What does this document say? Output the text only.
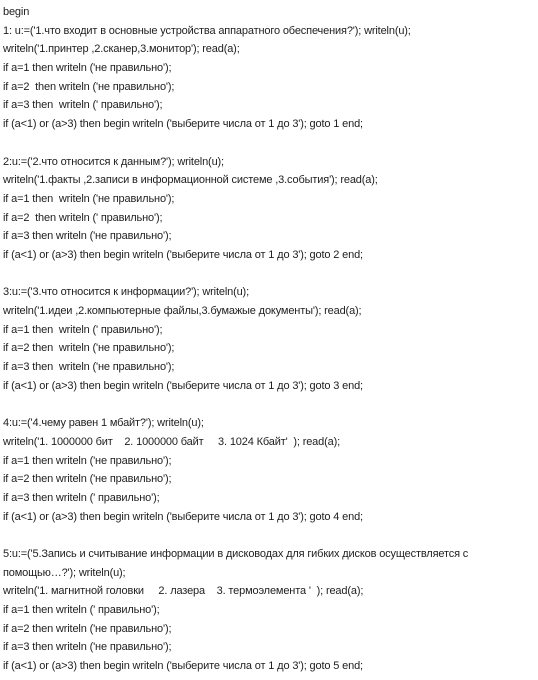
begin
1: u:=('1.что входит в основные устройства аппаратного обеспечения?'); writeln(u);
writeln('1.принтер ,2.сканер,3.монитор'); read(a);
if a=1 then writeln ('не правильно');
if a=2  then writeln ('не правильно');
if a=3 then  writeln (' правильно');
if (a<1) or (a>3) then begin writeln ('выберите числа от 1 до 3'); goto 1 end;
2:u:=('2.что относится к данным?'); writeln(u);
writeln('1.факты ,2.записи в информационной системе ,3.события'); read(a);
if a=1 then  writeln ('не правильно');
if a=2  then writeln (' правильно');
if a=3 then writeln ('не правильно');
if (a<1) or (a>3) then begin writeln ('выберите числа от 1 до 3'); goto 2 end;
3:u:=('3.что относится к информации?'); writeln(u);
writeln('1.идеи ,2.компьютерные файлы,3.бумажые документы'); read(a);
if a=1 then  writeln (' правильно');
if a=2 then  writeln ('не правильно');
if a=3 then  writeln ('не правильно');
if (a<1) or (a>3) then begin writeln ('выберите числа от 1 до 3'); goto 3 end;
4:u:=('4.чему равен 1 мбайт?'); writeln(u);
writeln('1. 1000000 бит    2. 1000000 байт     3. 1024 Кбайт'  ); read(a);
if a=1 then writeln ('не правильно');
if a=2 then writeln ('не правильно');
if a=3 then writeln (' правильно');
if (a<1) or (a>3) then begin writeln ('выберите числа от 1 до 3'); goto 4 end;
5:u:=('5.Запись и считывание информации в дисководах для гибких дисков осуществляется с помощью…?'); writeln(u);
writeln('1. магнитной головки     2. лазера    3. термоэлемента '  ); read(a);
if a=1 then writeln (' правильно');
if a=2 then writeln ('не правильно');
if a=3 then writeln ('не правильно');
if (a<1) or (a>3) then begin writeln ('выберите числа от 1 до 3'); goto 5 end;
